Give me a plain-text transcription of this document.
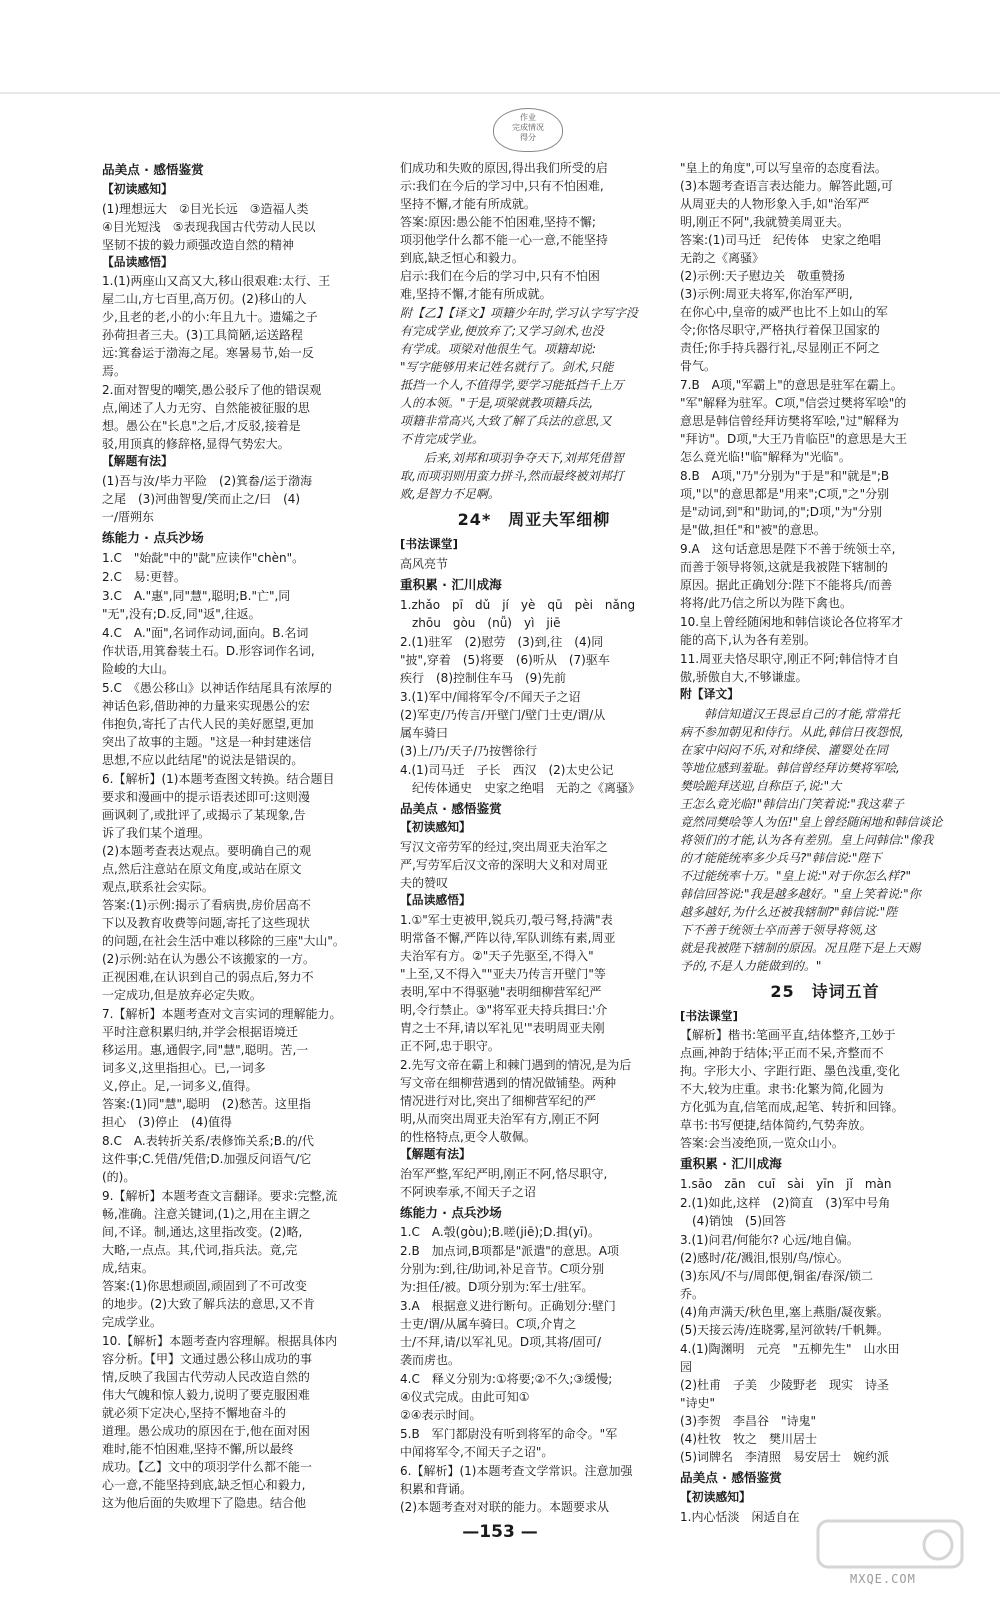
作业
完成情况
得分
品美点 · 感悟鉴赏
【初读感知】
(1)理想远大　②目光长远　③造福人类
④目光短浅　⑤表现我国古代劳动人民以
坚韧不拔的毅力顽强改造自然的精神
【品读感悟】
1.(1)两座山又高又大,移山很艰难:太行、王
屋二山,方七百里,高万仞。(2)移山的人
少,且老的老,小的小:年且九十。遗孀之子
孙荷担者三夫。(3)工具简陋,运送路程
远:箕畚运于渤海之尾。寒暑易节,始一反
焉。
2.面对智叟的嘲笑,愚公驳斥了他的错误观
点,阐述了人力无穷、自然能被征服的思
想。愚公在"长息"之后,才反驳,接着是
驳,用顶真的修辞格,显得气势宏大。
【解题有法】
(1)吾与汝/毕力平险　(2)箕畚/运于渤海
之尾　(3)河曲智叟/笑而止之/曰　(4)
一/厝朔东
练能力 · 点兵沙场
1.C　"始龀"中的"龀"应读作"chèn"。
2.C　易:更替。
3.C　A."惠",同"慧",聪明;B."亡",同
"无",没有;D.反,同"返",往返。
4.C　A."面",名词作动词,面向。B.名词
作状语,用箕畚装土石。D.形容词作名词,
险峻的大山。
5.C　《愚公移山》以神话作结尾具有浓厚的
神话色彩,借助神的力量来实现愚公的宏
伟抱负,寄托了古代人民的美好愿望,更加
突出了故事的主题。"这是一种封建迷信
思想,不应以此结尾"的说法是错误的。
6.【解析】(1)本题考查图文转换。结合题目
要求和漫画中的提示语表述即可:这则漫
画讽刺了,或批评了,或揭示了某现象,告
诉了我们某个道理。
(2)本题考查表达观点。要明确自己的观
点,然后注意站在原文角度,或站在原文
观点,联系社会实际。
答案:(1)示例:揭示了看病贵,房价居高不
下以及教育收费等问题,寄托了这些现状
的问题,在社会生活中难以移除的三座"大山"。
(2)示例:站在认为愚公不该搬家的一方。
正视困难,在认识到自己的弱点后,努力不
一定成功,但是放弃必定失败。
7.【解析】本题考查对文言实词的理解能力。
平时注意积累归纳,并学会根据语境迁
移运用。惠,通假字,同"慧",聪明。苦,一
词多义,这里指担心。已,一词多
义,停止。足,一词多义,值得。
答案:(1)同"慧",聪明　(2)愁苦。这里指
担心　(3)停止　(4)值得
8.C　A.表转折关系/表修饰关系;B.的/代
这件事;C.凭借/凭借;D.加强反问语气/它
(的)。
9.【解析】本题考查文言翻译。要求:完整,流
畅,准确。注意关键词,(1)之,用在主谓之
间,不译。制,通达,这里指改变。(2)略,
大略,一点点。其,代词,指兵法。竟,完
成,结束。
答案:(1)你思想顽固,顽固到了不可改变
的地步。(2)大致了解兵法的意思,又不肯
完成学业。
10.【解析】本题考查内容理解。根据具体内
容分析。【甲】文通过愚公移山成功的事
情,反映了我国古代劳动人民改造自然的
伟大气魄和惊人毅力,说明了要克服困难
就必须下定决心,坚持不懈地奋斗的
道理。愚公成功的原因在于,他在面对困
难时,能不怕困难,坚持不懈,所以最终
成功。【乙】文中的项羽学什么都不能一
心一意,不能坚持到底,缺乏恒心和毅力,
这为他后面的失败埋下了隐患。结合他
们成功和失败的原因,得出我们所受的启
示:我们在今后的学习中,只有不怕困难,
坚持不懈,才能有所成就。
答案:原因:愚公能不怕困难,坚持不懈;
项羽他学什么都不能一心一意,不能坚持
到底,缺乏恒心和毅力。
启示:我们在今后的学习中,只有不怕困
难,坚持不懈,才能有所成就。
附【乙】【译文】项籍少年时,学习认字写字没
有完成学业,便放弃了;又学习剑术,也没
有学成。项梁对他很生气。项籍却说:
"写字能够用来记姓名就行了。剑术,只能
抵挡一个人,不值得学,要学习能抵挡千上万
人的本领。"于是,项梁就教项籍兵法,
项籍非常高兴,大致了解了兵法的意思,又
不肯完成学业。
　　后来,刘邦和项羽争夺天下,刘邦凭借智
取,而项羽则用蛮力拼斗,然而最终被刘邦打
败,是智力不足啊。
24*　周亚夫军细柳
[书法课堂]
高风亮节
重积累 · 汇川成海
1.zhǎo　pī　dǔ　jí　yè　qū　pèi　nǎng
　zhōu　gòu　(nǚ)　yì　jiē
2.(1)驻军　(2)慰劳　(3)到,往　(4)同
"披",穿着　(5)将要　(6)听从　(7)驱车
疾行　(8)控制住车马　(9)先前
3.(1)军中/闻将军令/不闻天子之诏
(2)军吏/乃传言/开壁门/壁门士吏/谓/从
属车骑曰
(3)上/乃/天子/乃按辔徐行
4.(1)司马迁　子长　西汉　(2)太史公记
　纪传体通史　史家之绝唱　无韵之《离骚》
品美点 · 感悟鉴赏
【初读感知】
写汉文帝劳军的经过,突出周亚夫治军之
严,写劳军后汉文帝的深明大义和对周亚
夫的赞叹
【品读感悟】
1.①"军士吏被甲,锐兵刃,彀弓弩,持满"表
明常备不懈,严阵以待,军队训练有素,周亚
夫治军有方。②"天子先驱至,不得入"
"上至,又不得入""亚夫乃传言开壁门"等
表明,军中不得驱驰"表明细柳营军纪严
明,令行禁止。③"将军亚夫持兵揖曰:'介
胄之士不拜,请以军礼见'"表明周亚夫刚
正不阿,忠于职守。
2.先写文帝在霸上和棘门遇到的情况,是为后
写文帝在细柳营遇到的情况做铺垫。两种
情况进行对比,突出了细柳营军纪的严
明,从而突出周亚夫治军有方,刚正不阿
的性格特点,更令人敬佩。
【解题有法】
治军严整,军纪严明,刚正不阿,恪尽职守,
不阿谀奉承,不闻天子之诏
练能力 · 点兵沙场
1.C　A.彀(gòu);B.嗟(jiē);D.揖(yī)。
2.B　加点词,B项都是"派遣"的意思。A项
分别为:到,往/助词,补足音节。C项分别
为:担任/被。D项分别为:军士/驻军。
3.A　根据意义进行断句。正确划分:壁门
士吏/谓/从属车骑曰。C项,介胄之
士/不拜,请/以军礼见。D项,其将/固可/
袭而虏也。
4.C　释义分别为:①将要;②不久;③缓慢;
④仪式完成。由此可知①
②④表示时间。
5.B　军门都尉没有听到将军的命令。"军
中闻将军令,不闻天子之诏"。
6.【解析】(1)本题考查文学常识。注意加强
积累和背诵。
(2)本题考查对对联的能力。本题要求从
"皇上的角度",可以写皇帝的态度看法。
(3)本题考查语言表达能力。解答此题,可
从周亚夫的人物形象入手,如"治军严
明,刚正不阿",我就赞美周亚夫。
答案:(1)司马迁　纪传体　史家之绝唱
无韵之《离骚》
(2)示例:天子慰边关　敬重赞扬
(3)示例:周亚夫将军,你治军严明,
在你心中,皇帝的威严也比不上如山的军
令;你恪尽职守,严格执行着保卫国家的
责任;你手持兵器行礼,尽显刚正不阿之
骨气。
7.B　A项,"军霸上"的意思是驻军在霸上。
"军"解释为驻军。C项,"信尝过樊将军哙"的
意思是韩信曾经拜访樊将军哙,"过"解释为
"拜访"。D项,"大王乃肯临臣"的意思是大王
怎么竟光临!"临"解释为"光临"。
8.B　A项,"乃"分别为"于是"和"就是";B
项,"以"的意思都是"用来";C项,"之"分别
是"动词,到"和"助词,的";D项,"为"分别
是"做,担任"和"被"的意思。
9.A　这句话意思是陛下不善于统领士卒,
而善于领导将领,这就是我被陛下辖制的
原因。据此正确划分:陛下不能将兵/而善
将将/此乃信之所以为陛下禽也。
10.皇上曾经随闲地和韩信谈论各位将军才
能的高下,认为各有差别。
11.周亚夫恪尽职守,刚正不阿;韩信恃才自
傲,骄傲自大,不够谦虚。
附【译文】
　　韩信知道汉王畏忌自己的才能,常常托
病不参加朝见和侍行。从此,韩信日夜怨恨,
在家中闷闷不乐,对和绛侯、灌婴处在同
等地位感到羞耻。韩信曾经拜访樊将军哙,
樊哙跪拜送迎,自称臣子,说:"大
王怎么竟光临!"韩信出门笑着说:"我这辈子
竟然同樊哙等人为伍!"皇上曾经随闲地和韩信谈论
将领们的才能,认为各有差别。皇上问韩信:"像我
的才能能统率多少兵马?"韩信说:"陛下
不过能统率十万。"皇上说:"对于你怎么样?"
韩信回答说:"我是越多越好。"皇上笑着说:"你
越多越好,为什么还被我辖制?"韩信说:"陛
下不善于统领士卒而善于领导将领,这
就是我被陛下辖制的原因。况且陛下是上天赐
予的,不是人力能做到的。"
25　诗词五首
[书法课堂]
【解析】楷书:笔画平直,结体整齐,工妙于
点画,神韵于结体;平正而不呆,齐整而不
拘。字形大小、字距行距、墨色浅重,变化
不大,较为庄重。隶书:化繁为简,化圆为
方化弧为直,信笔而成,起笔、转折和回锋。
草书:书写便捷,结体简约,气势奔放。
答案:会当凌绝顶,一览众山小。
重积累 · 汇川成海
1.sāo　zān　cuī　sài　yīn　jǐ　màn
2.(1)如此,这样　(2)简直　(3)军中号角
　(4)销蚀　(5)回答
3.(1)问君/何能尔? 心远/地自偏。
(2)感时/花/溅泪,恨别/鸟/惊心。
(3)东风/不与/周郎便,铜雀/春深/锁二
乔。
(4)角声满天/秋色里,塞上燕脂/凝夜紫。
(5)天接云涛/连晓雾,星河欲转/千帆舞。
4.(1)陶渊明　元亮　"五柳先生"　山水田
园
(2)杜甫　子美　少陵野老　现实　诗圣
"诗史"
(3)李贺　李昌谷　"诗鬼"
(4)杜牧　牧之　樊川居士
(5)词牌名　李清照　易安居士　婉约派
品美点 · 感悟鉴赏
【初读感知】
1.内心恬淡　闲适自在
—153 —
MXQE.COM
